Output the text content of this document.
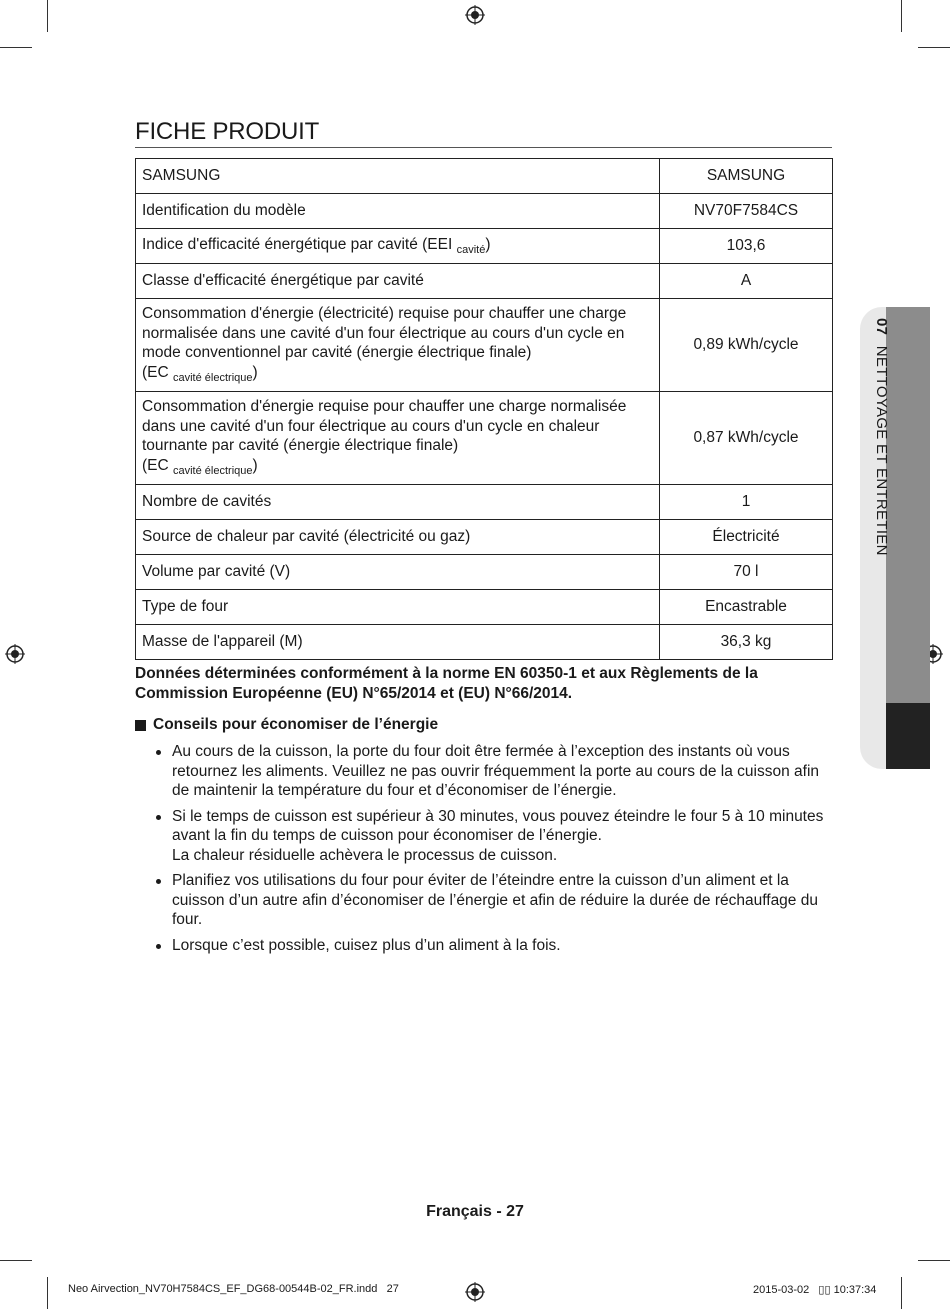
07 NETTOYAGE ET ENTRETIEN
FICHE PRODUIT
SAMSUNG	SAMSUNG
Identification du modèle	NV70F7584CS
Indice d'efficacité énergétique par cavité (EEI $_{cavité}$)	103,6
Classe d'efficacité énergétique par cavité	A
Consommation d'énergie (électricité) requise pour chauffer une charge normalisée dans une cavité d'un four électrique au cours d'un cycle en mode conventionnel par cavité (énergie électrique finale)
(EC $_{cavité électrique}$)	0,89 kWh/cycle
Consommation d'énergie requise pour chauffer une charge normalisée dans une cavité d'un four électrique au cours d'un cycle en chaleur tournante par cavité (énergie électrique finale)
(EC $_{cavité électrique}$)	0,87 kWh/cycle
Nombre de cavités	1
Source de chaleur par cavité (électricité ou gaz)	Électricité
Volume par cavité (V)	70 l
Type de four	Encastrable
Masse de l'appareil (M)	36,3 kg
Données déterminées conformément à la norme EN 60350-1 et aux Règlements de la Commission Européenne (EU) N°65/2014 et (EU) N°66/2014.
Conseils pour économiser de l’énergie
Au cours de la cuisson, la porte du four doit être fermée à l’exception des instants où vous retournez les aliments. Veuillez ne pas ouvrir fréquemment la porte au cours de la cuisson afin de maintenir la température du four et d’économiser de l’énergie.
Si le temps de cuisson est supérieur à 30 minutes, vous pouvez éteindre le four 5 à 10 minutes avant la fin du temps de cuisson pour économiser de l’énergie.
La chaleur résiduelle achèvera le processus de cuisson.
Planifiez vos utilisations du four pour éviter de l’éteindre entre la cuisson d’un aliment et la cuisson d’un autre afin d’économiser de l’énergie et afin de réduire la durée de réchauffage du four.
Lorsque c’est possible, cuisez plus d’un aliment à la fois.
Français - 27
Neo Airvection_NV70H7584CS_EF_DG68-00544B-02_FR.indd   27	2015-03-02   ▯▯ 10:37:34
